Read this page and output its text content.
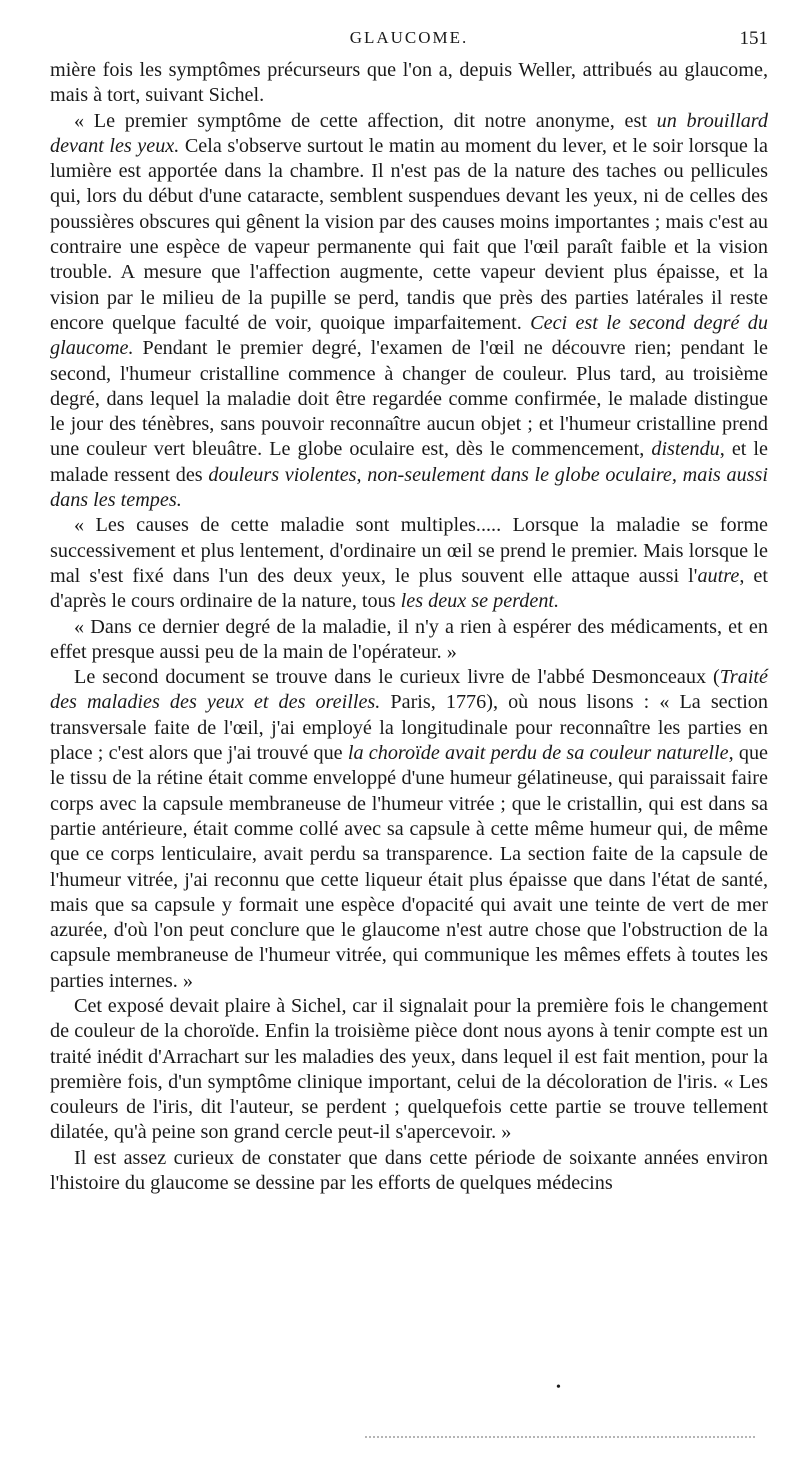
GLAUCOME.	151

mière fois les symptômes précurseurs que l'on a, depuis Weller, attribués au glaucome, mais à tort, suivant Sichel.

« Le premier symptôme de cette affection, dit notre anonyme, est un brouillard devant les yeux. Cela s'observe surtout le matin au moment du lever, et le soir lorsque la lumière est apportée dans la chambre. Il n'est pas de la nature des taches ou pellicules qui, lors du début d'une cataracte, semblent suspendues devant les yeux, ni de celles des poussières obscures qui gênent la vision par des causes moins importantes ; mais c'est au contraire une espèce de vapeur permanente qui fait que l'œil paraît faible et la vision trouble. A mesure que l'affection augmente, cette vapeur devient plus épaisse, et la vision par le milieu de la pupille se perd, tandis que près des parties latérales il reste encore quelque faculté de voir, quoique imparfaitement. Ceci est le second degré du glaucome. Pendant le premier degré, l'examen de l'œil ne découvre rien; pendant le second, l'humeur cristalline commence à changer de couleur. Plus tard, au troisième degré, dans lequel la maladie doit être regardée comme confirmée, le malade distingue le jour des ténèbres, sans pouvoir reconnaître aucun objet ; et l'humeur cristalline prend une couleur vert bleuâtre. Le globe oculaire est, dès le commencement, distendu, et le malade ressent des douleurs violentes, non-seulement dans le globe oculaire, mais aussi dans les tempes.

« Les causes de cette maladie sont multiples..... Lorsque la maladie se forme successivement et plus lentement, d'ordinaire un œil se prend le premier. Mais lorsque le mal s'est fixé dans l'un des deux yeux, le plus souvent elle attaque aussi l'autre, et d'après le cours ordinaire de la nature, tous les deux se perdent.

« Dans ce dernier degré de la maladie, il n'y a rien à espérer des médicaments, et en effet presque aussi peu de la main de l'opérateur. »

Le second document se trouve dans le curieux livre de l'abbé Desmonceaux (Traité des maladies des yeux et des oreilles. Paris, 1776), où nous lisons : « La section transversale faite de l'œil, j'ai employé la longitudinale pour reconnaître les parties en place ; c'est alors que j'ai trouvé que la choroïde avait perdu de sa couleur naturelle, que le tissu de la rétine était comme enveloppé d'une humeur gélatineuse, qui paraissait faire corps avec la capsule membraneuse de l'humeur vitrée ; que le cristallin, qui est dans sa partie antérieure, était comme collé avec sa capsule à cette même humeur qui, de même que ce corps lenticulaire, avait perdu sa transparence. La section faite de la capsule de l'humeur vitrée, j'ai reconnu que cette liqueur était plus épaisse que dans l'état de santé, mais que sa capsule y formait une espèce d'opacité qui avait une teinte de vert de mer azurée, d'où l'on peut conclure que le glaucome n'est autre chose que l'obstruction de la capsule membraneuse de l'humeur vitrée, qui communique les mêmes effets à toutes les parties internes. »

Cet exposé devait plaire à Sichel, car il signalait pour la première fois le changement de couleur de la choroïde. Enfin la troisième pièce dont nous ayons à tenir compte est un traité inédit d'Arrachart sur les maladies des yeux, dans lequel il est fait mention, pour la première fois, d'un symptôme clinique important, celui de la décoloration de l'iris. « Les couleurs de l'iris, dit l'auteur, se perdent ; quelquefois cette partie se trouve tellement dilatée, qu'à peine son grand cercle peut-il s'apercevoir. »

Il est assez curieux de constater que dans cette période de soixante années environ l'histoire du glaucome se dessine par les efforts de quelques médecins

•
